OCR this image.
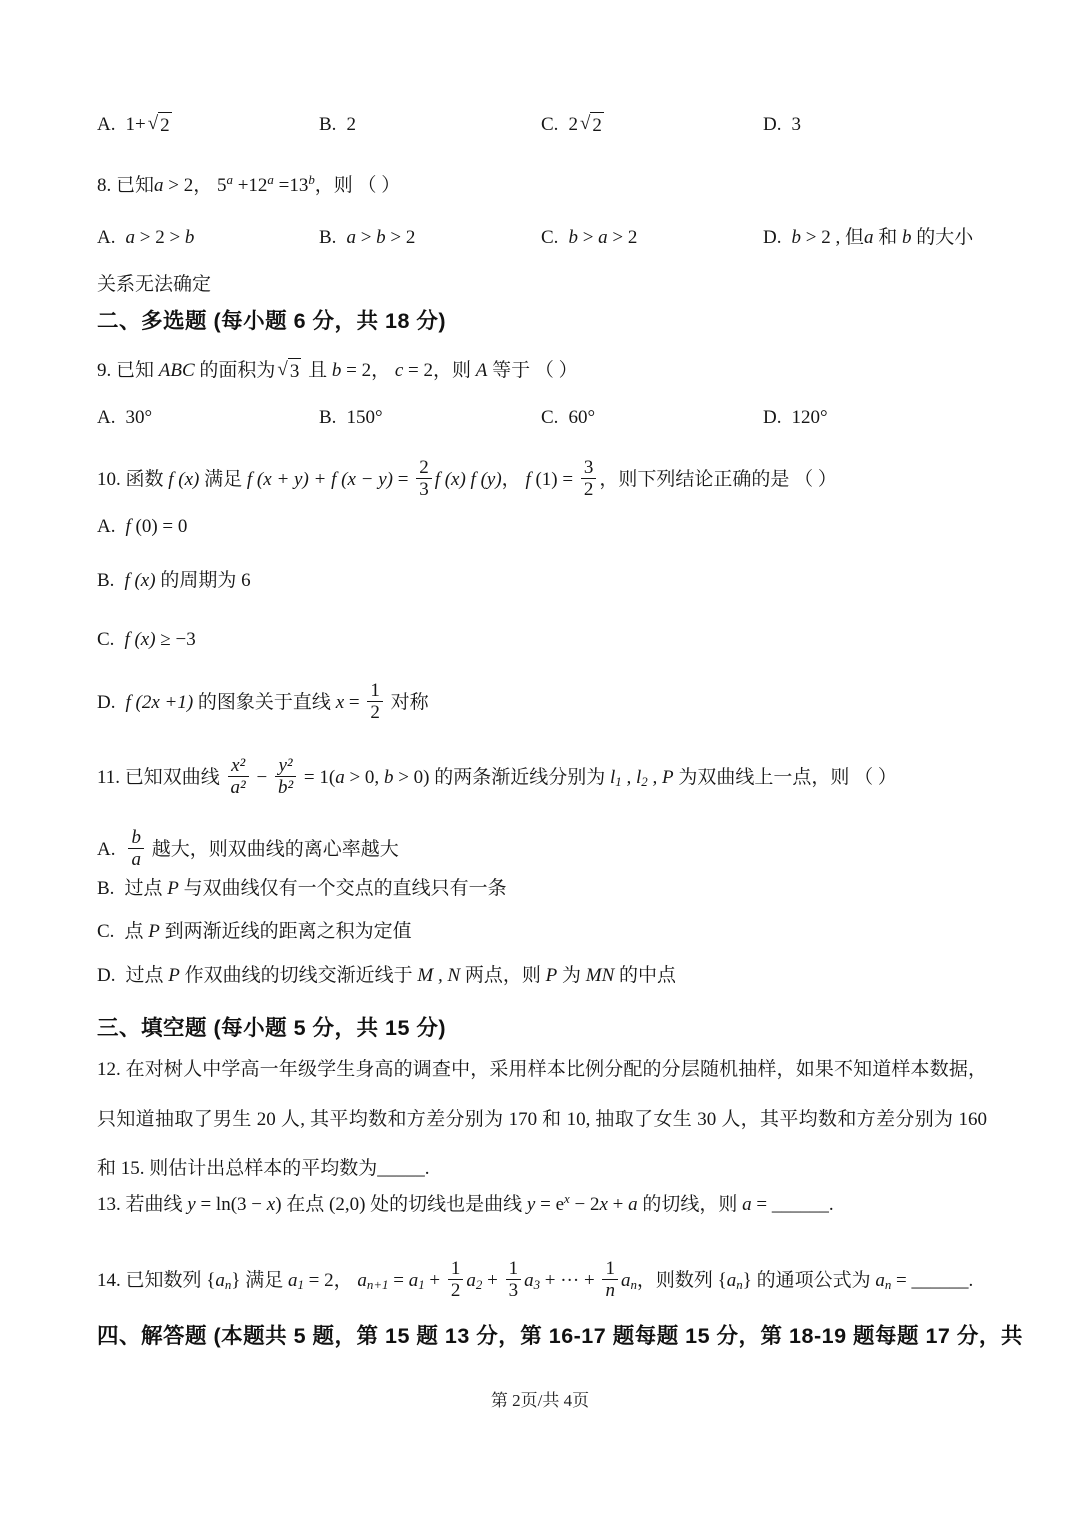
A. 1+ √ 2	B. 2	C. 2 √ 2	D. 3
8. 已知a > 2， $5^a +12^a =13^b$，则 （ ）
A. a > 2 > b	B. a > b > 2	C. b > a > 2	D. b > 2 , 但a 和 b 的大小
关系无法确定
二、多选题 (每小题 6 分，共 18 分)
9. 已知 ABC 的面积为 √ 3 且 b = 2， c = 2，则 A 等于 （ ）
A. 30°	B. 150°	C. 60°	D. 120°
10. 函数 f (x) 满足 f (x + y) + f $(x - y) = \frac{2}{3}$ f (x) f (y)， f $(1) = \frac{3}{2}$ ，则下列结论正确的是 （ ）
A. f (0) = 0
B. f (x) 的周期为 6
C. f (x) ≥ −3
D. f (2x +1) 的图象关于直线 $x = \frac{1}{2}$ 对称
11. 已知双曲线 $\frac{\text{x²}}{\text{a²}} - \frac{\text{y²}}{\text{b²}} = 1(a > 0$, b > 0) 的两条渐近线分别为 $l_1$ , $l_2$ , P 为双曲线上一点，则 （ ）
A. $\frac{b}{a}$ 越大，则双曲线的离心率越大
B. 过点 P 与双曲线仅有一个交点的直线只有一条
C. 点 P 到两渐近线的距离之积为定值
D. 过点 P 作双曲线的切线交渐近线于 M , N 两点，则 P 为 MN 的中点
三、填空题 (每小题 5 分，共 15 分)
12. 在对树人中学高一年级学生身高的调查中，采用样本比例分配的分层随机抽样，如果不知道样本数据，
只知道抽取了男生 20 人, 其平均数和方差分别为 170 和 10, 抽取了女生 30 人，其平均数和方差分别为 160
和 15. 则估计出总样本的平均数为_____.
13. 若曲线 y = ln(3 − x) 在点 (2,0) 处的切线也是曲线 $y = e^x - 2x + a$ 的切线，则 a = ______.
14. 已知数列 $\{a_n\}$ 满足 $a_1 = 2$， $a_{n+1} = a_1 + \frac{1}{2} a_2 + \frac{1}{3} a_3$ + ··· + $\frac{1}{n} a_n$，则数列 $\{a_n\}$ 的通项公式为 $a_n$ = ______.
四、解答题 (本题共 5 题，第 15 题 13 分，第 16-17 题每题 15 分，第 18-19 题每题 17 分，共
第 2页/共 4页
